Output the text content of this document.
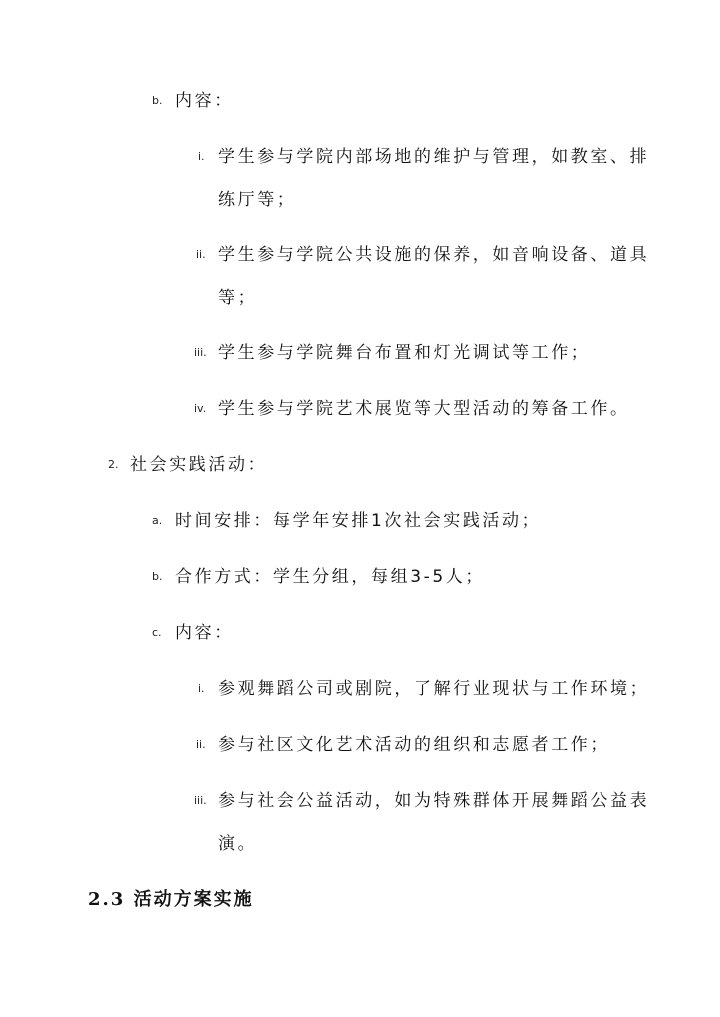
b. 内容：
i. 学生参与学院内部场地的维护与管理，如教室、排
练厅等；
ii. 学生参与学院公共设施的保养，如音响设备、道具
等；
iii. 学生参与学院舞台布置和灯光调试等工作；
iv. 学生参与学院艺术展览等大型活动的筹备工作。
2. 社会实践活动：
a. 时间安排：每学年安排1次社会实践活动；
b. 合作方式：学生分组，每组3-5人；
c. 内容：
i. 参观舞蹈公司或剧院，了解行业现状与工作环境；
ii. 参与社区文化艺术活动的组织和志愿者工作；
iii. 参与社会公益活动，如为特殊群体开展舞蹈公益表
演。
2.3 活动方案实施
